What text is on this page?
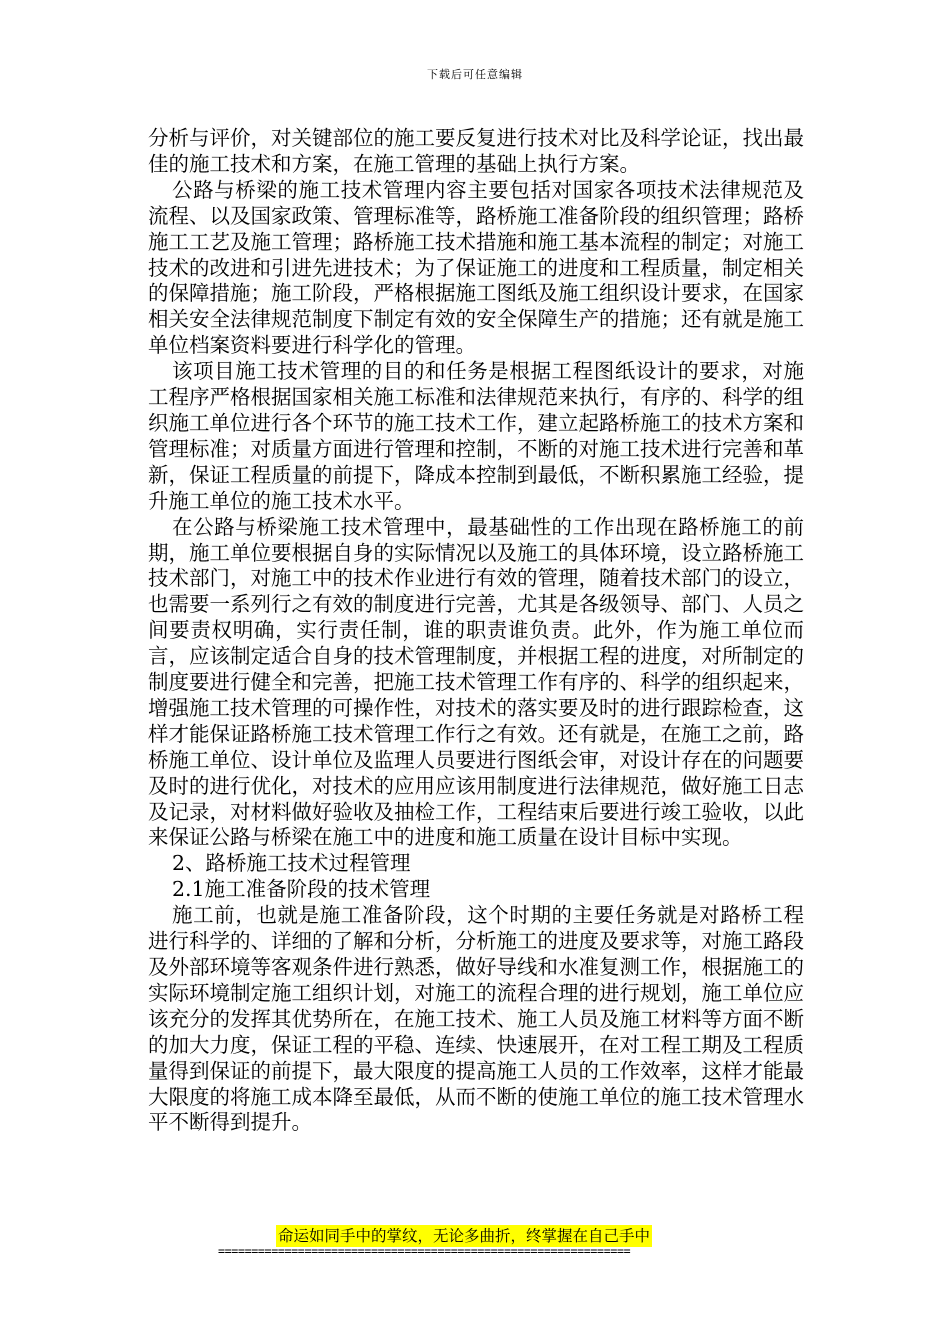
下载后可任意编辑

分析与评价，对关键部位的施工要反复进行技术对比及科学论证，找出最佳的施工技术和方案，在施工管理的基础上执行方案。

公路与桥梁的施工技术管理内容主要包括对国家各项技术法律规范及流程、以及国家政策、管理标准等，路桥施工准备阶段的组织管理；路桥施工工艺及施工管理；路桥施工技术措施和施工基本流程的制定；对施工技术的改进和引进先进技术；为了保证施工的进度和工程质量，制定相关的保障措施；施工阶段，严格根据施工图纸及施工组织设计要求，在国家相关安全法律规范制度下制定有效的安全保障生产的措施；还有就是施工单位档案资料要进行科学化的管理。

该项目施工技术管理的目的和任务是根据工程图纸设计的要求，对施工程序严格根据国家相关施工标准和法律规范来执行，有序的、科学的组织施工单位进行各个环节的施工技术工作，建立起路桥施工的技术方案和管理标准；对质量方面进行管理和控制，不断的对施工技术进行完善和革新，保证工程质量的前提下，降成本控制到最低，不断积累施工经验，提升施工单位的施工技术水平。

在公路与桥梁施工技术管理中，最基础性的工作出现在路桥施工的前期，施工单位要根据自身的实际情况以及施工的具体环境，设立路桥施工技术部门，对施工中的技术作业进行有效的管理，随着技术部门的设立，也需要一系列行之有效的制度进行完善，尤其是各级领导、部门、人员之间要责权明确，实行责任制，谁的职责谁负责。此外，作为施工单位而言，应该制定适合自身的技术管理制度，并根据工程的进度，对所制定的制度要进行健全和完善，把施工技术管理工作有序的、科学的组织起来，增强施工技术管理的可操作性，对技术的落实要及时的进行跟踪检查，这样才能保证路桥施工技术管理工作行之有效。还有就是，在施工之前，路桥施工单位、设计单位及监理人员要进行图纸会审，对设计存在的问题要及时的进行优化，对技术的应用应该用制度进行法律规范，做好施工日志及记录，对材料做好验收及抽检工作，工程结束后要进行竣工验收，以此来保证公路与桥梁在施工中的进度和施工质量在设计目标中实现。

2、路桥施工技术过程管理

2.1施工准备阶段的技术管理

施工前，也就是施工准备阶段，这个时期的主要任务就是对路桥工程进行科学的、详细的了解和分析，分析施工的进度及要求等，对施工路段及外部环境等客观条件进行熟悉，做好导线和水准复测工作，根据施工的实际环境制定施工组织计划，对施工的流程合理的进行规划，施工单位应该充分的发挥其优势所在，在施工技术、施工人员及施工材料等方面不断的加大力度，保证工程的平稳、连续、快速展开，在对工程工期及工程质量得到保证的前提下，最大限度的提高施工人员的工作效率，这样才能最大限度的将施工成本降至最低，从而不断的使施工单位的施工技术管理水平不断得到提升。

命运如同手中的掌纹，无论多曲折，终掌握在自己手中
==============================================================
